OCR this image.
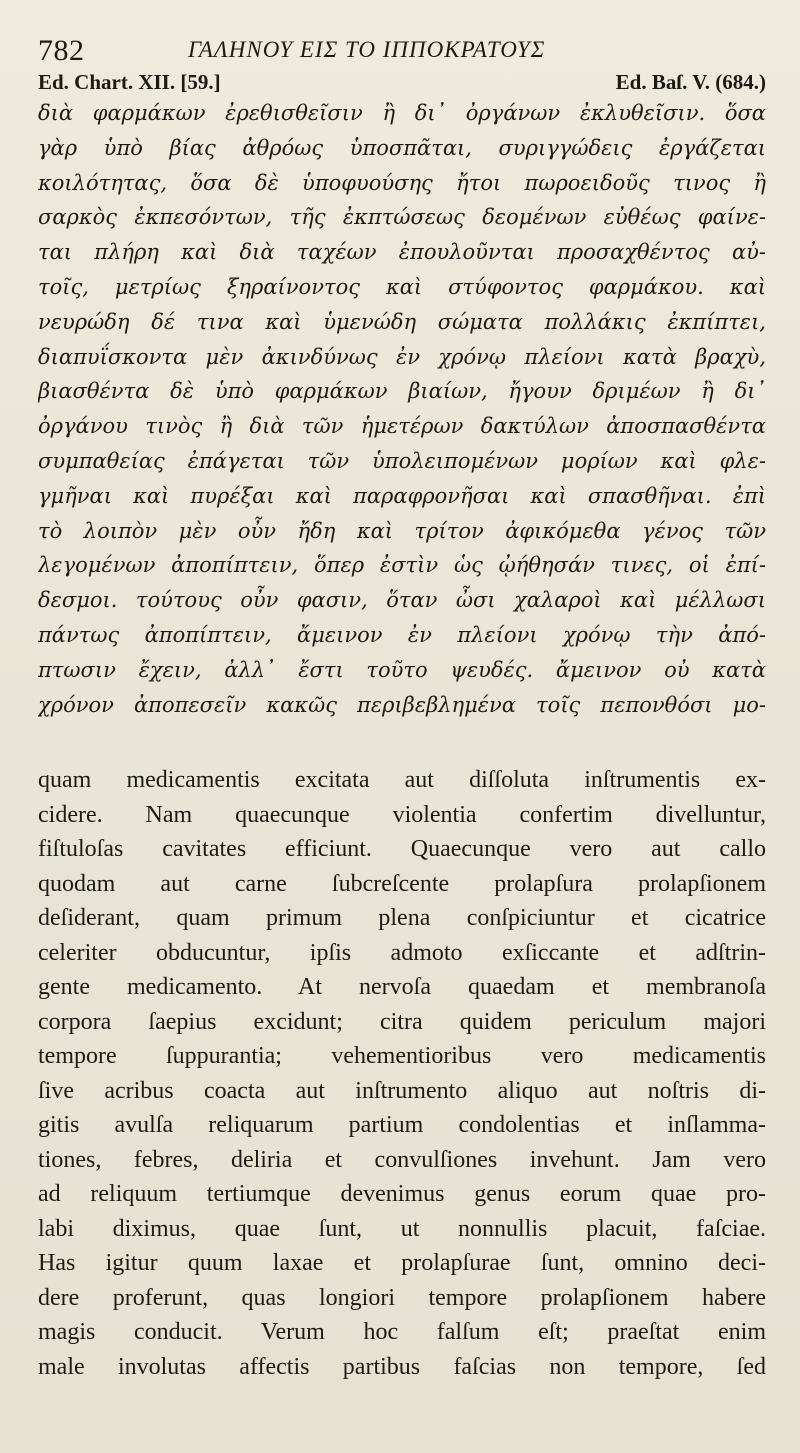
782	ΓΑΛΗΝΟΥ ΕΙΣ ΤΟ ΙΠΠΟΚΡΑΤΟΥΣ
Ed. Chart. XII. [59.]	Ed. Baſ. V. (684.)
διὰ φαρμάκων ἐρεθισθεῖσιν ἢ δι᾽ ὀργάνων ἐκλυθεῖσιν. ὅσα
γὰρ ὑπὸ βίας ἀθρόως ὑποσπᾶται, συριγγώδεις ἐργάζεται
κοιλότητας, ὅσα δὲ ὑποφυούσης ἤτοι πωροειδοῦς τινος ἢ
σαρκὸς ἐκπεσόντων, τῆς ἐκπτώσεως δεομένων εὐθέως φαίνε-
ται πλήρη καὶ διὰ ταχέων ἐπουλοῦνται προσαχθέντος αὐ-
τοῖς, μετρίως ξηραίνοντος καὶ στύφοντος φαρμάκου. καὶ
νευρώδη δέ τινα καὶ ὑμενώδη σώματα πολλάκις ἐκπίπτει,
διαπυΐσκοντα μὲν ἀκινδύνως ἐν χρόνῳ πλείονι κατὰ βραχὺ,
βιασθέντα δὲ ὑπὸ φαρμάκων βιαίων, ἤγουν δριμέων ἢ δι᾽
ὀργάνου τινὸς ἢ διὰ τῶν ἡμετέρων δακτύλων ἀποσπασθέντα
συμπαθείας ἐπάγεται τῶν ὑπολειπομένων μορίων καὶ φλε-
γμῆναι καὶ πυρέξαι καὶ παραφρονῆσαι καὶ σπασθῆναι. ἐπὶ
τὸ λοιπὸν μὲν οὖν ἤδη καὶ τρίτον ἀφικόμεθα γένος τῶν
λεγομένων ἀποπίπτειν, ὅπερ ἐστὶν ὡς ᾠήθησάν τινες, οἱ ἐπί-
δεσμοι. τούτους οὖν φασιν, ὅταν ὦσι χαλαροὶ καὶ μέλλωσι
πάντως ἀποπίπτειν, ἄμεινον ἐν πλείονι χρόνῳ τὴν ἀπό-
πτωσιν ἔχειν, ἀλλ᾽ ἔστι τοῦτο ψευδές. ἄμεινον οὐ κατὰ
χρόνον ἀποπεσεῖν κακῶς περιβεβλημένα τοῖς πεπονθόσι μο-
quam medicamentis excitata aut diſſoluta inſtrumentis ex-
cidere. Nam quaecunque violentia confertim divelluntur,
fiſtuloſas cavitates efficiunt. Quaecunque vero aut callo
quodam aut carne ſubcreſcente prolapſura prolapſionem
deſiderant, quam primum plena conſpiciuntur et cicatrice
celeriter obducuntur, ipſis admoto exſiccante et adſtrin-
gente medicamento. At nervoſa quaedam et membranoſa
corpora ſaepius excidunt; citra quidem periculum majori
tempore ſuppurantia; vehementioribus vero medicamentis
ſive acribus coacta aut inſtrumento aliquo aut noſtris di-
gitis avulſa reliquarum partium condolentias et inſlamma-
tiones, febres, deliria et convulſiones invehunt. Jam vero
ad reliquum tertiumque devenimus genus eorum quae pro-
labi diximus, quae ſunt, ut nonnullis placuit, faſciae.
Has igitur quum laxae et prolapſurae ſunt, omnino deci-
dere proferunt, quas longiori tempore prolapſionem habere
magis conducit. Verum hoc falſum eſt; praeſtat enim
male involutas affectis partibus faſcias non tempore, ſed
